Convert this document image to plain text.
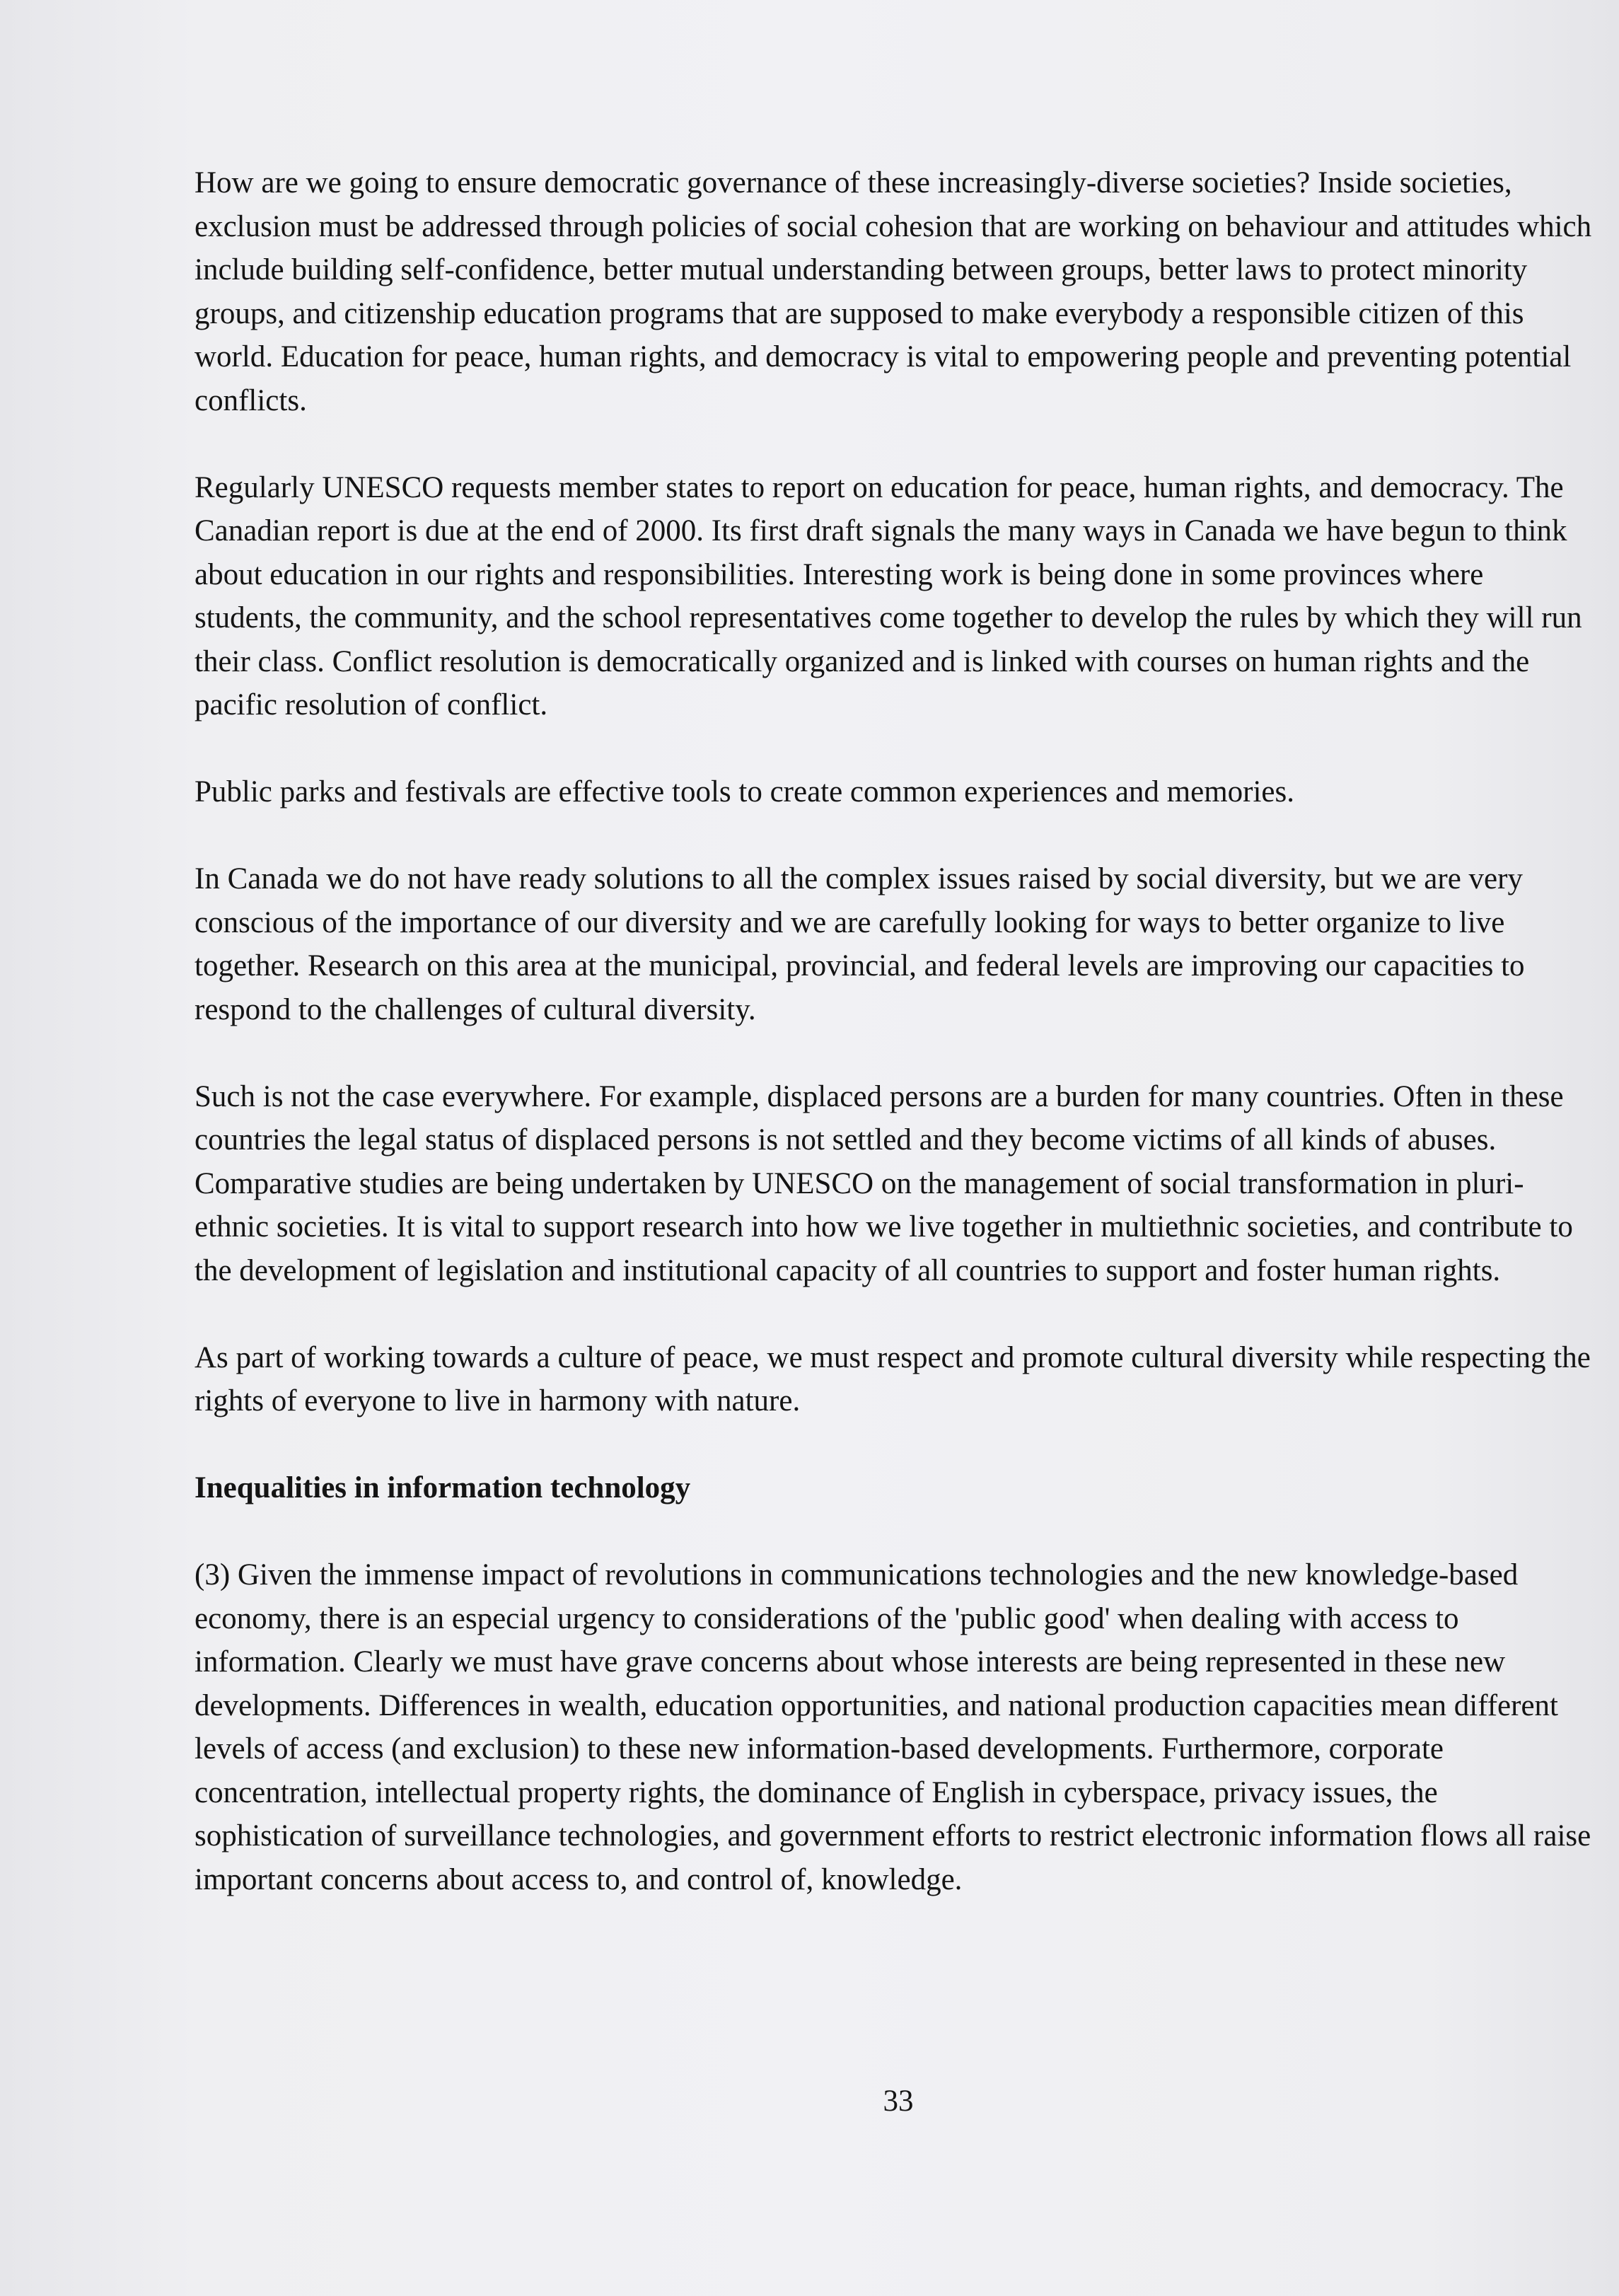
How are we going to ensure democratic governance of these increasingly-diverse societies? Inside societies, exclusion must be addressed through policies of social cohesion that are working on behaviour and attitudes which include building self-confidence, better mutual understanding between groups, better laws to protect minority groups, and citizenship education programs that are supposed to make everybody a responsible citizen of this world. Education for peace, human rights, and democracy is vital to empowering people and preventing potential conflicts.

Regularly UNESCO requests member states to report on education for peace, human rights, and democracy. The Canadian report is due at the end of 2000. Its first draft signals the many ways in Canada we have begun to think about education in our rights and responsibilities. Interesting work is being done in some provinces where students, the community, and the school representatives come together to develop the rules by which they will run their class. Conflict resolution is democratically organized and is linked with courses on human rights and the pacific resolution of conflict.

Public parks and festivals are effective tools to create common experiences and memories.

In Canada we do not have ready solutions to all the complex issues raised by social diversity, but we are very conscious of the importance of our diversity and we are carefully looking for ways to better organize to live together. Research on this area at the municipal, provincial, and federal levels are improving our capacities to respond to the challenges of cultural diversity.

Such is not the case everywhere. For example, displaced persons are a burden for many countries. Often in these countries the legal status of displaced persons is not settled and they become victims of all kinds of abuses. Comparative studies are being undertaken by UNESCO on the management of social transformation in pluri-ethnic societies. It is vital to support research into how we live together in multiethnic societies, and contribute to the development of legislation and institutional capacity of all countries to support and foster human rights.

As part of working towards a culture of peace, we must respect and promote cultural diversity while respecting the rights of everyone to live in harmony with nature.

Inequalities in information technology

(3) Given the immense impact of revolutions in communications technologies and the new knowledge-based economy, there is an especial urgency to considerations of the 'public good' when dealing with access to information. Clearly we must have grave concerns about whose interests are being represented in these new developments. Differences in wealth, education opportunities, and national production capacities mean different levels of access (and exclusion) to these new information-based developments. Furthermore, corporate concentration, intellectual property rights, the dominance of English in cyberspace, privacy issues, the sophistication of surveillance technologies, and government efforts to restrict electronic information flows all raise important concerns about access to, and control of, knowledge.

33
